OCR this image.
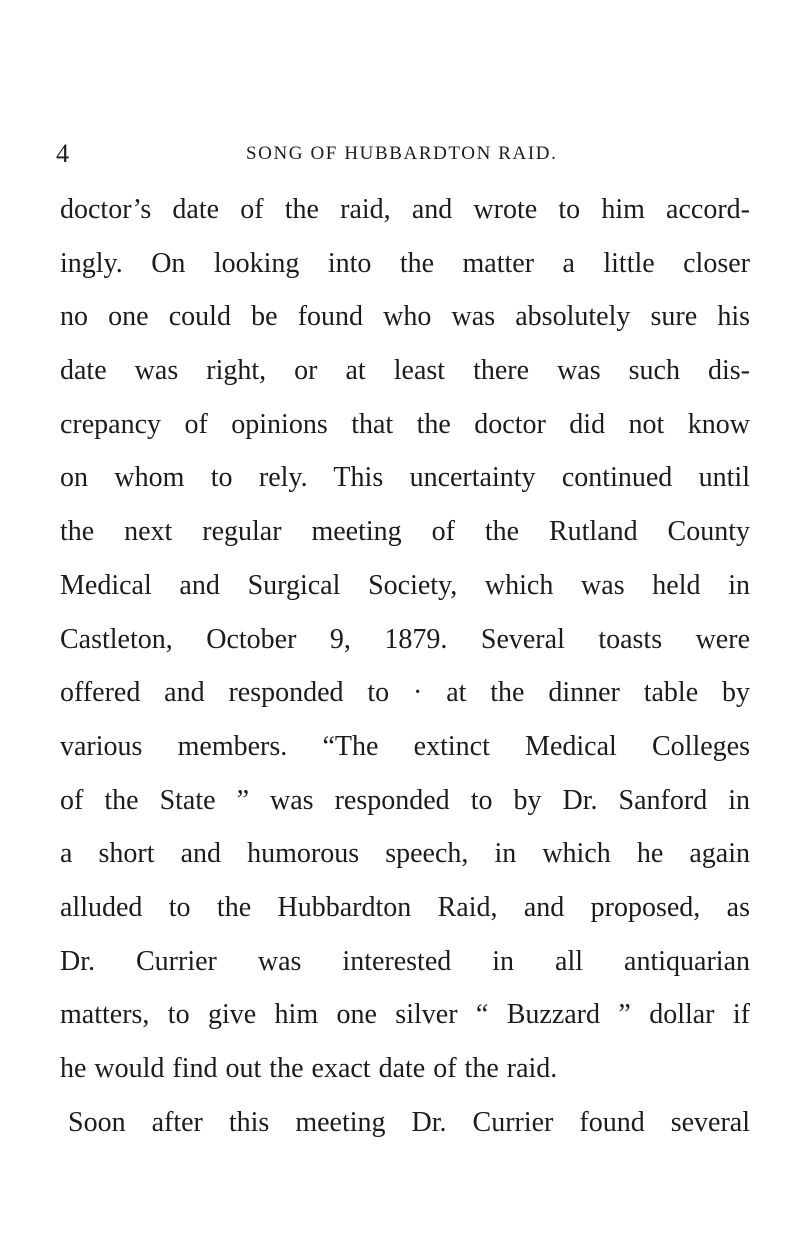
4	SONG OF HUBBARDTON RAID.
doctor’s date of the raid, and wrote to him accord-
ingly. On looking into the matter a little closer
no one could be found who was absolutely sure his
date was right, or at least there was such dis-
crepancy of opinions that the doctor did not know
on whom to rely. This uncertainty continued until
the next regular meeting of the Rutland County
Medical and Surgical Society, which was held in
Castleton, October 9, 1879. Several toasts were
offered and responded to · at the dinner table by
various members. “The extinct Medical Colleges
of the State ” was responded to by Dr. Sanford in
a short and humorous speech, in which he again
alluded to the Hubbardton Raid, and proposed, as
Dr. Currier was interested in all antiquarian
matters, to give him one silver “ Buzzard ” dollar if
he would find out the exact date of the raid.
Soon after this meeting Dr. Currier found several
